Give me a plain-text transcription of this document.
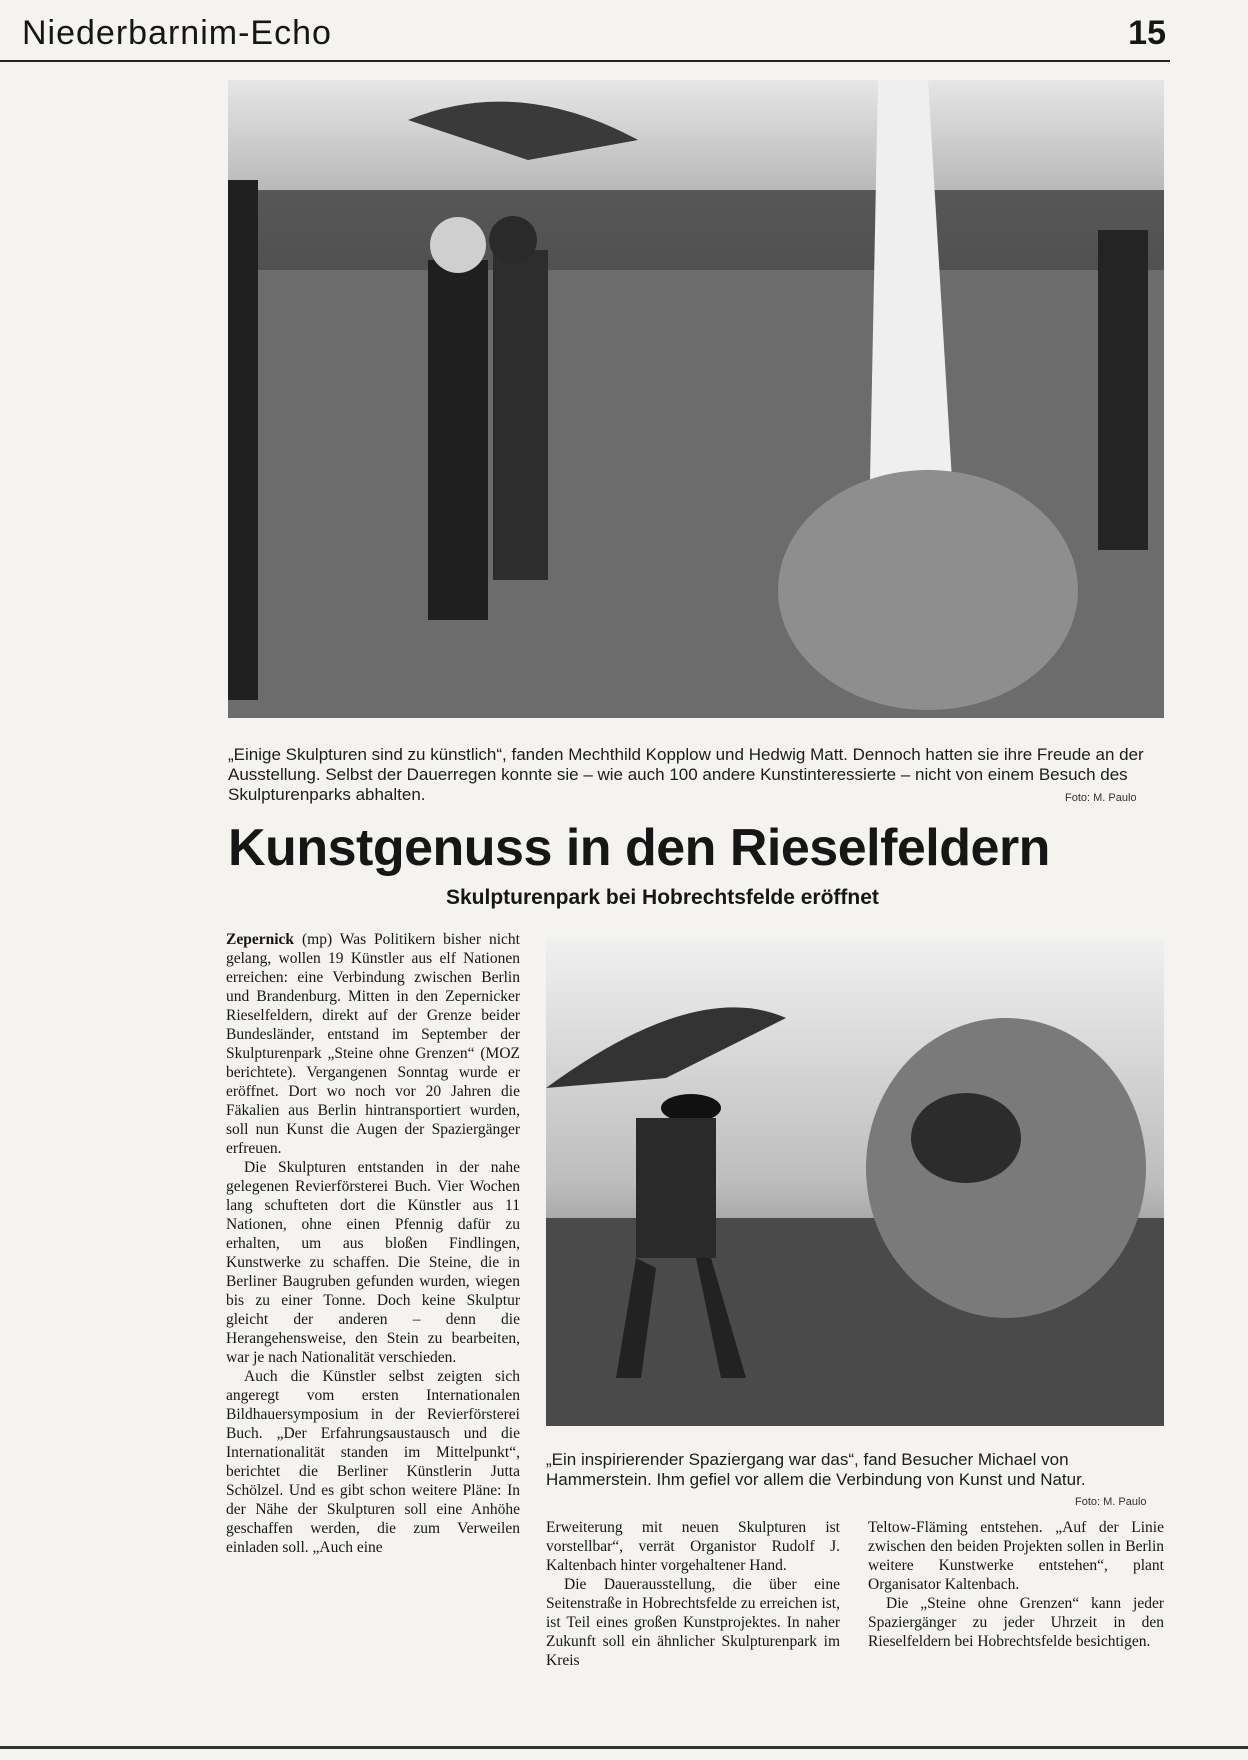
Niederbarnim-Echo	15
„Einige Skulpturen sind zu künstlich“, fanden Mechthild Kopplow und Hedwig Matt. Dennoch hatten sie ihre Freude an der Ausstellung. Selbst der Dauerregen konnte sie – wie auch 100 andere Kunstinteressierte – nicht von einem Besuch des Skulpturenparks abhalten.	Foto: M. Paulo
Kunstgenuss in den Rieselfeldern
Skulpturenpark bei Hobrechtsfelde eröffnet

Zepernick (mp) Was Politikern bisher nicht gelang, wollen 19 Künstler aus elf Nationen erreichen: eine Verbindung zwischen Berlin und Brandenburg. Mitten in den Zepernicker Rieselfeldern, direkt auf der Grenze beider Bundesländer, entstand im September der Skulpturenpark „Steine ohne Grenzen“ (MOZ berichtete). Vergangenen Sonntag wurde er eröffnet. Dort wo noch vor 20 Jahren die Fäkalien aus Berlin hintransportiert wurden, soll nun Kunst die Augen der Spaziergänger erfreuen.

Die Skulpturen entstanden in der nahe gelegenen Revierförsterei Buch. Vier Wochen lang schufteten dort die Künstler aus 11 Nationen, ohne einen Pfennig dafür zu erhalten, um aus bloßen Findlingen, Kunstwerke zu schaffen. Die Steine, die in Berliner Baugruben gefunden wurden, wiegen bis zu einer Tonne. Doch keine Skulptur gleicht der anderen – denn die Herangehensweise, den Stein zu bearbeiten, war je nach Nationalität verschieden.

Auch die Künstler selbst zeigten sich angeregt vom ersten Internationalen Bildhauersymposium in der Revierförsterei Buch. „Der Erfahrungsaustausch und die Internationalität standen im Mittelpunkt“, berichtet die Berliner Künstlerin Jutta Schölzel. Und es gibt schon weitere Pläne: In der Nähe der Skulpturen soll eine Anhöhe geschaffen werden, die zum Verweilen einladen soll. „Auch eine

„Ein inspirierender Spaziergang war das“, fand Besucher Michael von Hammerstein. Ihm gefiel vor allem die Verbindung von Kunst und Natur.
Foto: M. Paulo

Erweiterung mit neuen Skulpturen ist vorstellbar“, verrät Organistor Rudolf J. Kaltenbach hinter vorgehaltener Hand.

Die Dauerausstellung, die über eine Seitenstraße in Hobrechtsfelde zu erreichen ist, ist Teil eines großen Kunstprojektes. In naher Zukunft soll ein ähnlicher Skulpturenpark im Kreis

Teltow-Fläming entstehen. „Auf der Linie zwischen den beiden Projekten sollen in Berlin weitere Kunstwerke entstehen“, plant Organisator Kaltenbach.

Die „Steine ohne Grenzen“ kann jeder Spaziergänger zu jeder Uhrzeit in den Rieselfeldern bei Hobrechtsfelde besichtigen.
